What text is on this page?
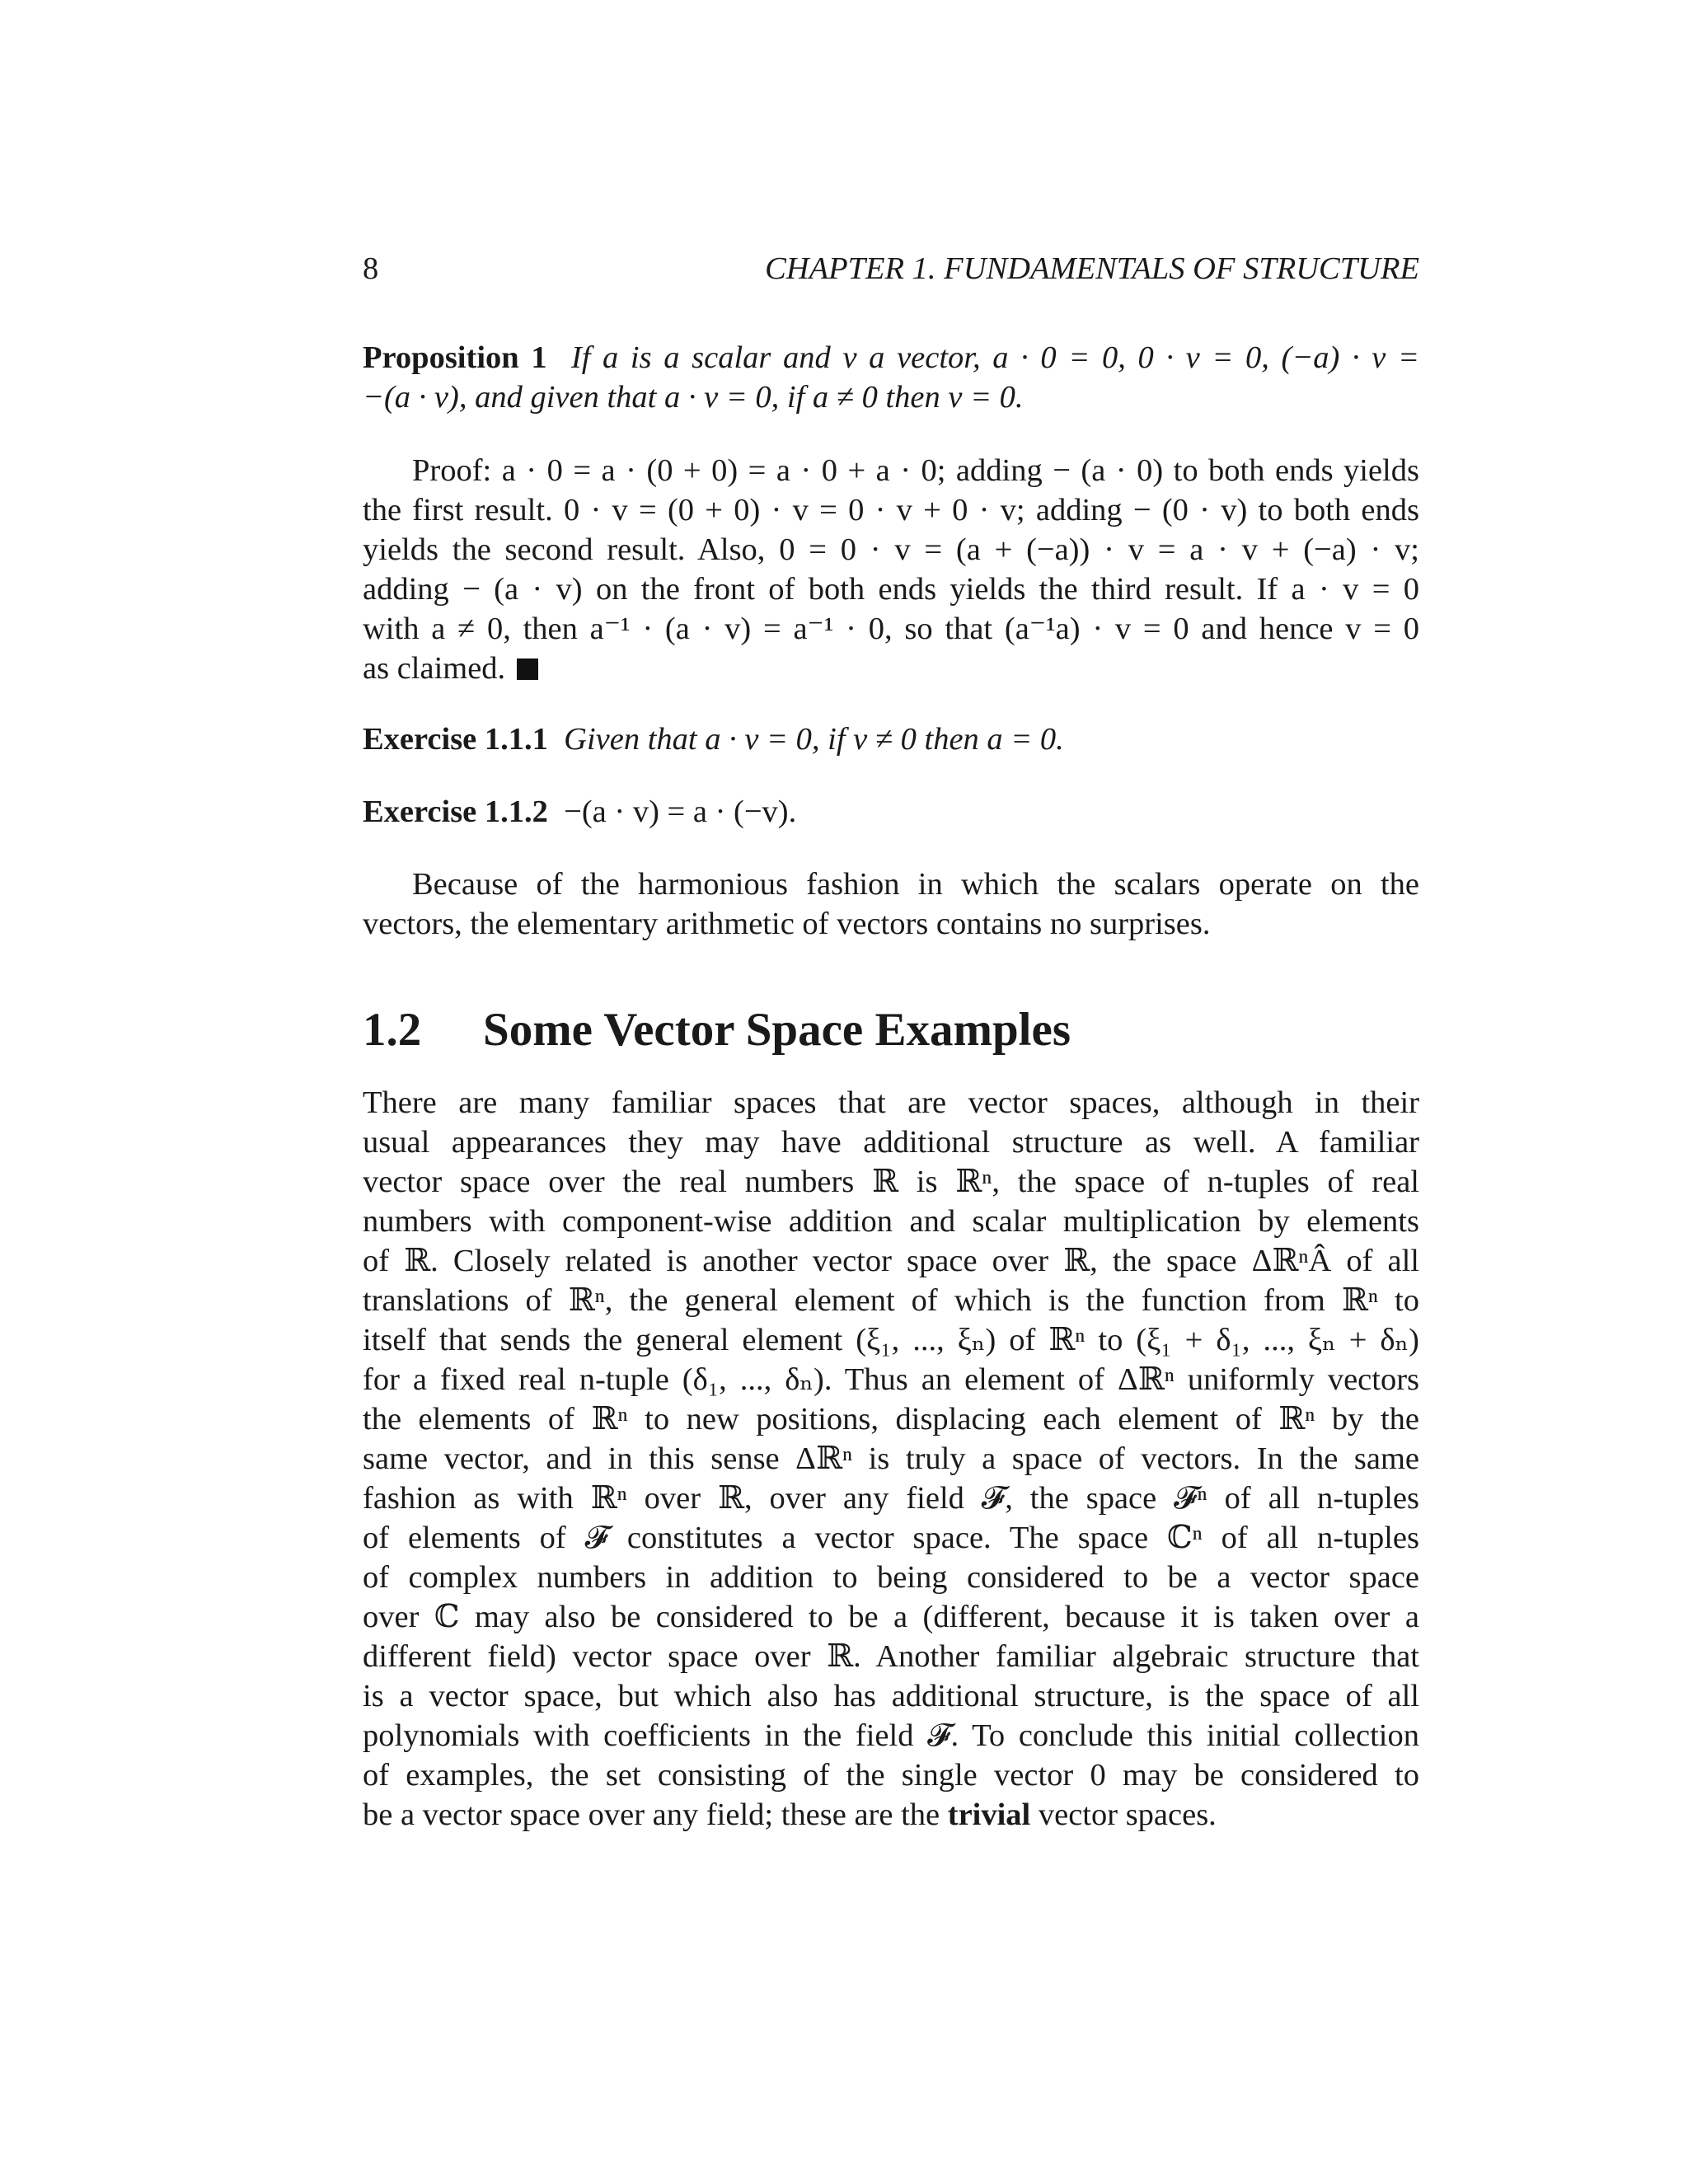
8	CHAPTER 1. FUNDAMENTALS OF STRUCTURE
Proposition 1 If a is a scalar and v a vector, a · 0 = 0, 0 · v = 0, (−a) · v =
−(a · v), and given that a · v = 0, if a ≠ 0 then v = 0.
Proof: a · 0 = a · (0 + 0) = a · 0 + a · 0; adding − (a · 0) to both ends yields
the first result. 0 · v = (0 + 0) · v = 0 · v + 0 · v; adding − (0 · v) to both ends
yields the second result. Also, 0 = 0 · v = (a + (−a)) · v = a · v + (−a) · v;
adding − (a · v) on the front of both ends yields the third result. If a · v = 0
with a ≠ 0, then a⁻¹ · (a · v) = a⁻¹ · 0, so that (a⁻¹a) · v = 0 and hence v = 0
as claimed.
Exercise 1.1.1 Given that a · v = 0, if v ≠ 0 then a = 0.
Exercise 1.1.2 −(a · v) = a · (−v).
Because of the harmonious fashion in which the scalars operate on the
vectors, the elementary arithmetic of vectors contains no surprises.
1.2 Some Vector Space Examples
There are many familiar spaces that are vector spaces, although in their
usual appearances they may have additional structure as well. A familiar
vector space over the real numbers ℝ is ℝⁿ, the space of n-tuples of real
numbers with component-wise addition and scalar multiplication by elements
of ℝ. Closely related is another vector space over ℝ, the space ΔℝⁿÂ of all
translations of ℝⁿ, the general element of which is the function from ℝⁿ to
itself that sends the general element (ξ₁, ..., ξₙ) of ℝⁿ to (ξ₁ + δ₁, ..., ξₙ + δₙ)
for a fixed real n-tuple (δ₁, ..., δₙ). Thus an element of Δℝⁿ uniformly vectors
the elements of ℝⁿ to new positions, displacing each element of ℝⁿ by the
same vector, and in this sense Δℝⁿ is truly a space of vectors. In the same
fashion as with ℝⁿ over ℝ, over any field 𝓕, the space 𝓕ⁿ of all n-tuples
of elements of 𝓕 constitutes a vector space. The space ℂⁿ of all n-tuples
of complex numbers in addition to being considered to be a vector space
over ℂ may also be considered to be a (different, because it is taken over a
different field) vector space over ℝ. Another familiar algebraic structure that
is a vector space, but which also has additional structure, is the space of all
polynomials with coefficients in the field 𝓕. To conclude this initial collection
of examples, the set consisting of the single vector 0 may be considered to
be a vector space over any field; these are the trivial vector spaces.
